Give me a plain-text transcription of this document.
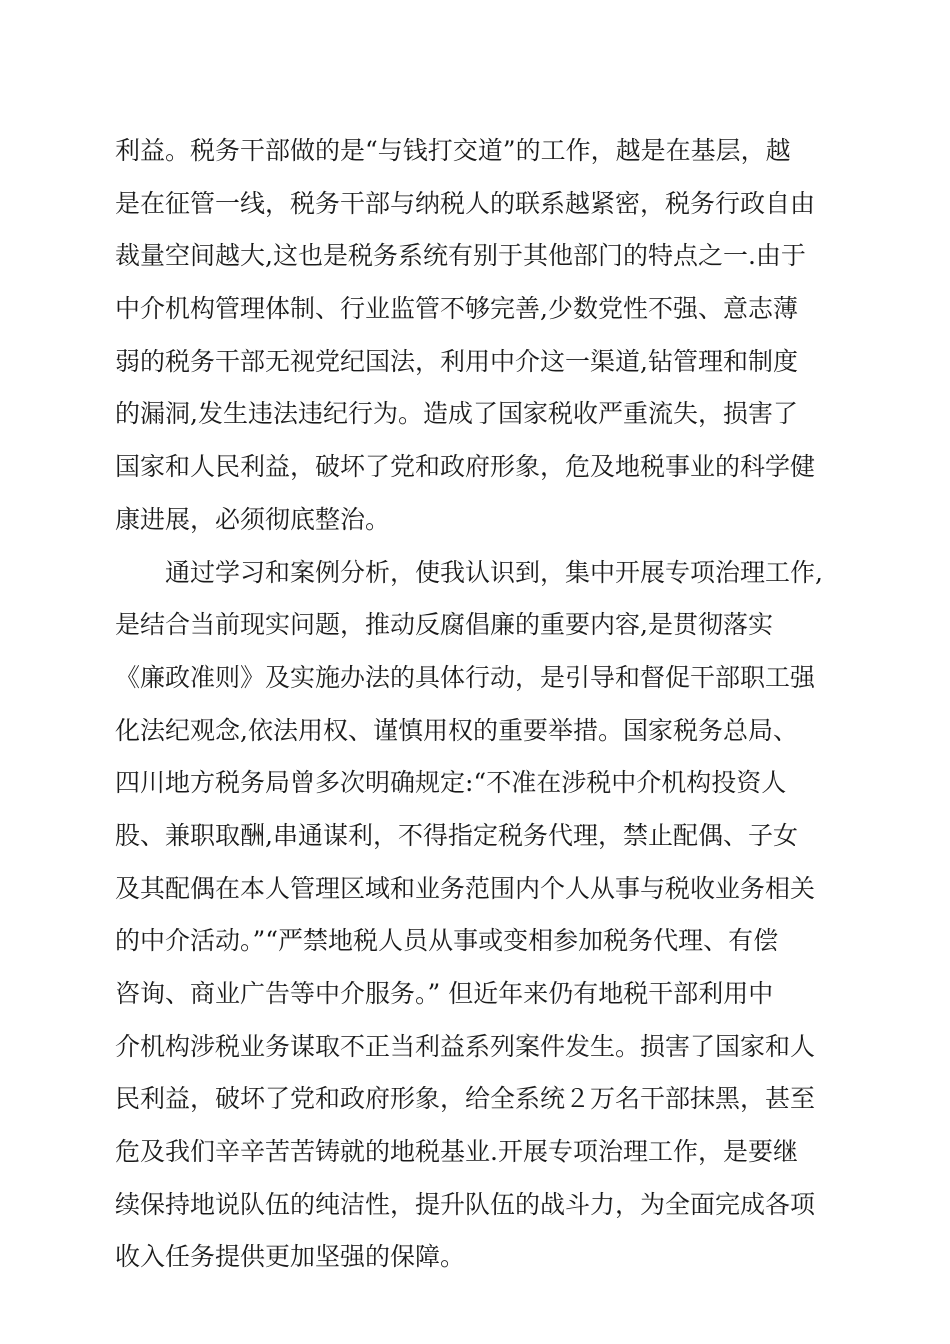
利益。税务干部做的是“与钱打交道”的工作，越是在基层，越
是在征管一线，税务干部与纳税人的联系越紧密，税务行政自由
裁量空间越大,这也是税务系统有别于其他部门的特点之一.由于
中介机构管理体制、行业监管不够完善,少数党性不强、意志薄
弱的税务干部无视党纪国法，利用中介这一渠道,钻管理和制度
的漏洞,发生违法违纪行为。造成了国家税收严重流失，损害了
国家和人民利益，破坏了党和政府形象，危及地税事业的科学健
康进展，必须彻底整治。
　　通过学习和案例分析，使我认识到，集中开展专项治理工作,
是结合当前现实问题，推动反腐倡廉的重要内容,是贯彻落实
《廉政准则》及实施办法的具体行动，是引导和督促干部职工强
化法纪观念,依法用权、谨慎用权的重要举措。国家税务总局、
四川地方税务局曾多次明确规定:“不准在涉税中介机构投资人
股、兼职取酬,串通谋利，不得指定税务代理，禁止配偶、子女
及其配偶在本人管理区域和业务范围内个人从事与税收业务相关
的中介活动。”“严禁地税人员从事或变相参加税务代理、有偿
咨询、商业广告等中介服务。” 但近年来仍有地税干部利用中
介机构涉税业务谋取不正当利益系列案件发生。损害了国家和人
民利益，破坏了党和政府形象，给全系统２万名干部抹黑，甚至
危及我们辛辛苦苦铸就的地税基业.开展专项治理工作，是要继
续保持地说队伍的纯洁性，提升队伍的战斗力，为全面完成各项
收入任务提供更加坚强的保障。
